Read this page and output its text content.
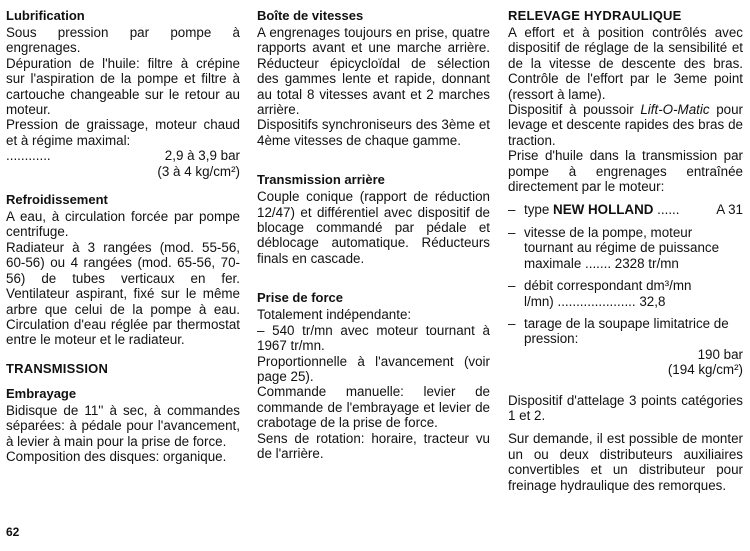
Lubrification

Sous pression par pompe à engrenages.

Dépuration de l'huile: filtre à crépine sur l'aspiration de la pompe et filtre à cartouche changeable sur le retour au moteur.

Pression de graissage, moteur chaud et à régime maximal:

............	2,9 à 3,9 bar
(3 à 4 kg/cm²)
Refroidissement

A eau, à circulation forcée par pompe centrifuge.

Radiateur à 3 rangées (mod. 55-56, 60-56) ou 4 rangées (mod. 65-56, 70-56) de tubes verticaux en fer. Ventilateur aspirant, fixé sur le même arbre que celui de la pompe à eau. Circulation d'eau réglée par thermostat entre le moteur et le radiateur.

TRANSMISSION
Embrayage

Bidisque de 11'' à sec, à commandes séparées: à pédale pour l'avancement, à levier à main pour la prise de force.

Composition des disques: organique.

Boîte de vitesses

A engrenages toujours en prise, quatre rapports avant et une marche arrière. Réducteur épicycloïdal de sélection des gammes lente et rapide, donnant au total 8 vitesses avant et 2 marches arrière.

Dispositifs synchroniseurs des 3ème et 4ème vitesses de chaque gamme.

Transmission arrière

Couple conique (rapport de réduction 12/47) et différentiel avec dispositif de blocage commandé par pédale et déblocage automatique. Réducteurs finals en cascade.

Prise de force

Totalement indépendante:

– 540 tr/mn avec moteur tournant à 1967 tr/mn.

Proportionnelle à l'avancement (voir page 25).

Commande manuelle: levier de commande de l'embrayage et levier de crabotage de la prise de force.

Sens de rotation: horaire, tracteur vu de l'arrière.

RELEVAGE HYDRAULIQUE

A effort et à position contrôlés avec dispositif de réglage de la sensibilité et de la vitesse de descente des bras. Contrôle de l'effort par le 3eme point (ressort à lame).

Dispositif à poussoir Lift-O-Matic pour levage et descente rapides des bras de traction.

Prise d'huile dans la transmission par pompe à engrenages entraînée directement par le moteur:

– type NEW HOLLAND ......	A 31
– vitesse de la pompe, moteur tournant au régime de puissance maximale ....... 2328 tr/mn
– débit correspondant dm³/mn
l/mn) ..................... 32,8
– tarage de la soupape limitatrice de pression:
190 bar
(194 kg/cm²)

Dispositif d'attelage 3 points catégories 1 et 2.

Sur demande, il est possible de monter un ou deux distributeurs auxiliaires convertibles et un distributeur pour freinage hydraulique des remorques.

62
